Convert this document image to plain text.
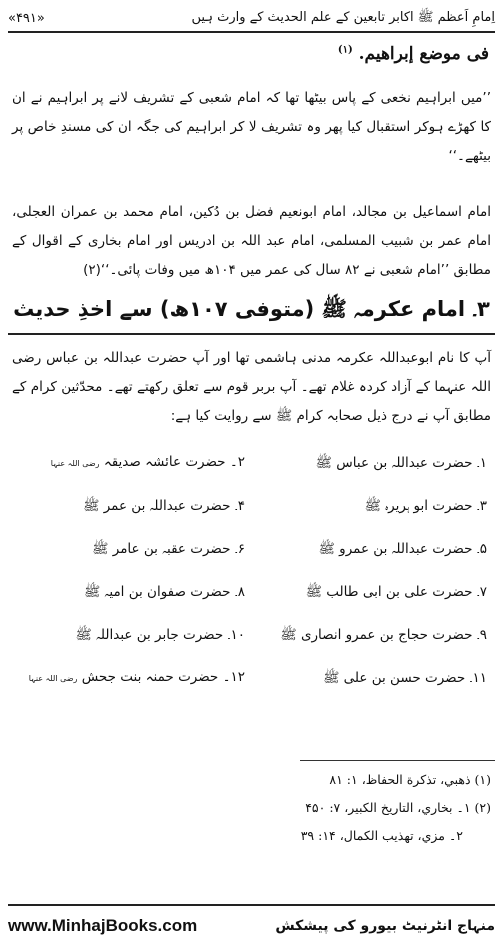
«۴۹۱»	اِمامِ اَعظم ﷺ اکابر تابعین کے علم الحدیث کے وارث ہیں
فى موضع إبراهيم. $^{(۱)}$
’’میں ابراہیم نخعی کے پاس بیٹھا تھا کہ امام شعبی کے تشریف لانے پر ابراہیم نے ان کا کھڑے ہوکر استقبال کیا پھر وہ تشریف لا کر ابراہیم کی جگہ ان کی مسندِ خاص پر بیٹھے۔‘‘
امام اسماعیل بن مجالد، امام ابونعیم فضل بن دُکین، امام محمد بن عمران العجلی، امام عمر بن شبیب المسلمی، امام عبد اللہ بن ادریس اور امام بخاری کے اقوال کے مطابق ’’امام شعبی نے ۸۲ سال کی عمر میں ۱۰۴ھ میں وفات پائی۔‘‘(۲)
۳۔ امام عکرمہ ﷺ (متوفی ۱۰۷ھ) سے اخذِ حدیث
آپ کا نام ابوعبداللہ عکرمہ مدنی ہاشمی تھا اور آپ حضرت عبداللہ بن عباس رضی اللہ عنہما کے آزاد کردہ غلام تھے۔ آپ بربر قوم سے تعلق رکھتے تھے۔ محدّثین کرام کے مطابق آپ نے درج ذیل صحابہ کرام ﷺ سے روایت کیا ہے:
۱۔ حضرت عبداللہ بن عباس ﷺ
۲۔ حضرت عائشہ صدیقہ رضی اللہ عنہا
۳۔ حضرت ابو ہریرہ ﷺ
۴۔ حضرت عبداللہ بن عمر ﷺ
۵۔ حضرت عبداللہ بن عمرو ﷺ
۶۔ حضرت عقبہ بن عامر ﷺ
۷۔ حضرت علی بن ابی طالب ﷺ
۸۔ حضرت صفوان بن امیہ ﷺ
۹۔ حضرت حجاج بن عمرو انصاری ﷺ
۱۰۔ حضرت جابر بن عبداللہ ﷺ
۱۱۔ حضرت حسن بن علی ﷺ
۱۲۔ حضرت حمنہ بنت جحش رضی اللہ عنہا
(۱) ذهبي، تذكرة الحفاظ، ۱: ۸۱
(۲) ۱۔ بخاري، التاريخ الكبير، ۷: ۴۵۰
۲۔ مزي، تهذيب الكمال، ۱۴: ۳۹
www.MinhajBooks.com	منہاج انٹرنیٹ بیورو کی پیشکش
